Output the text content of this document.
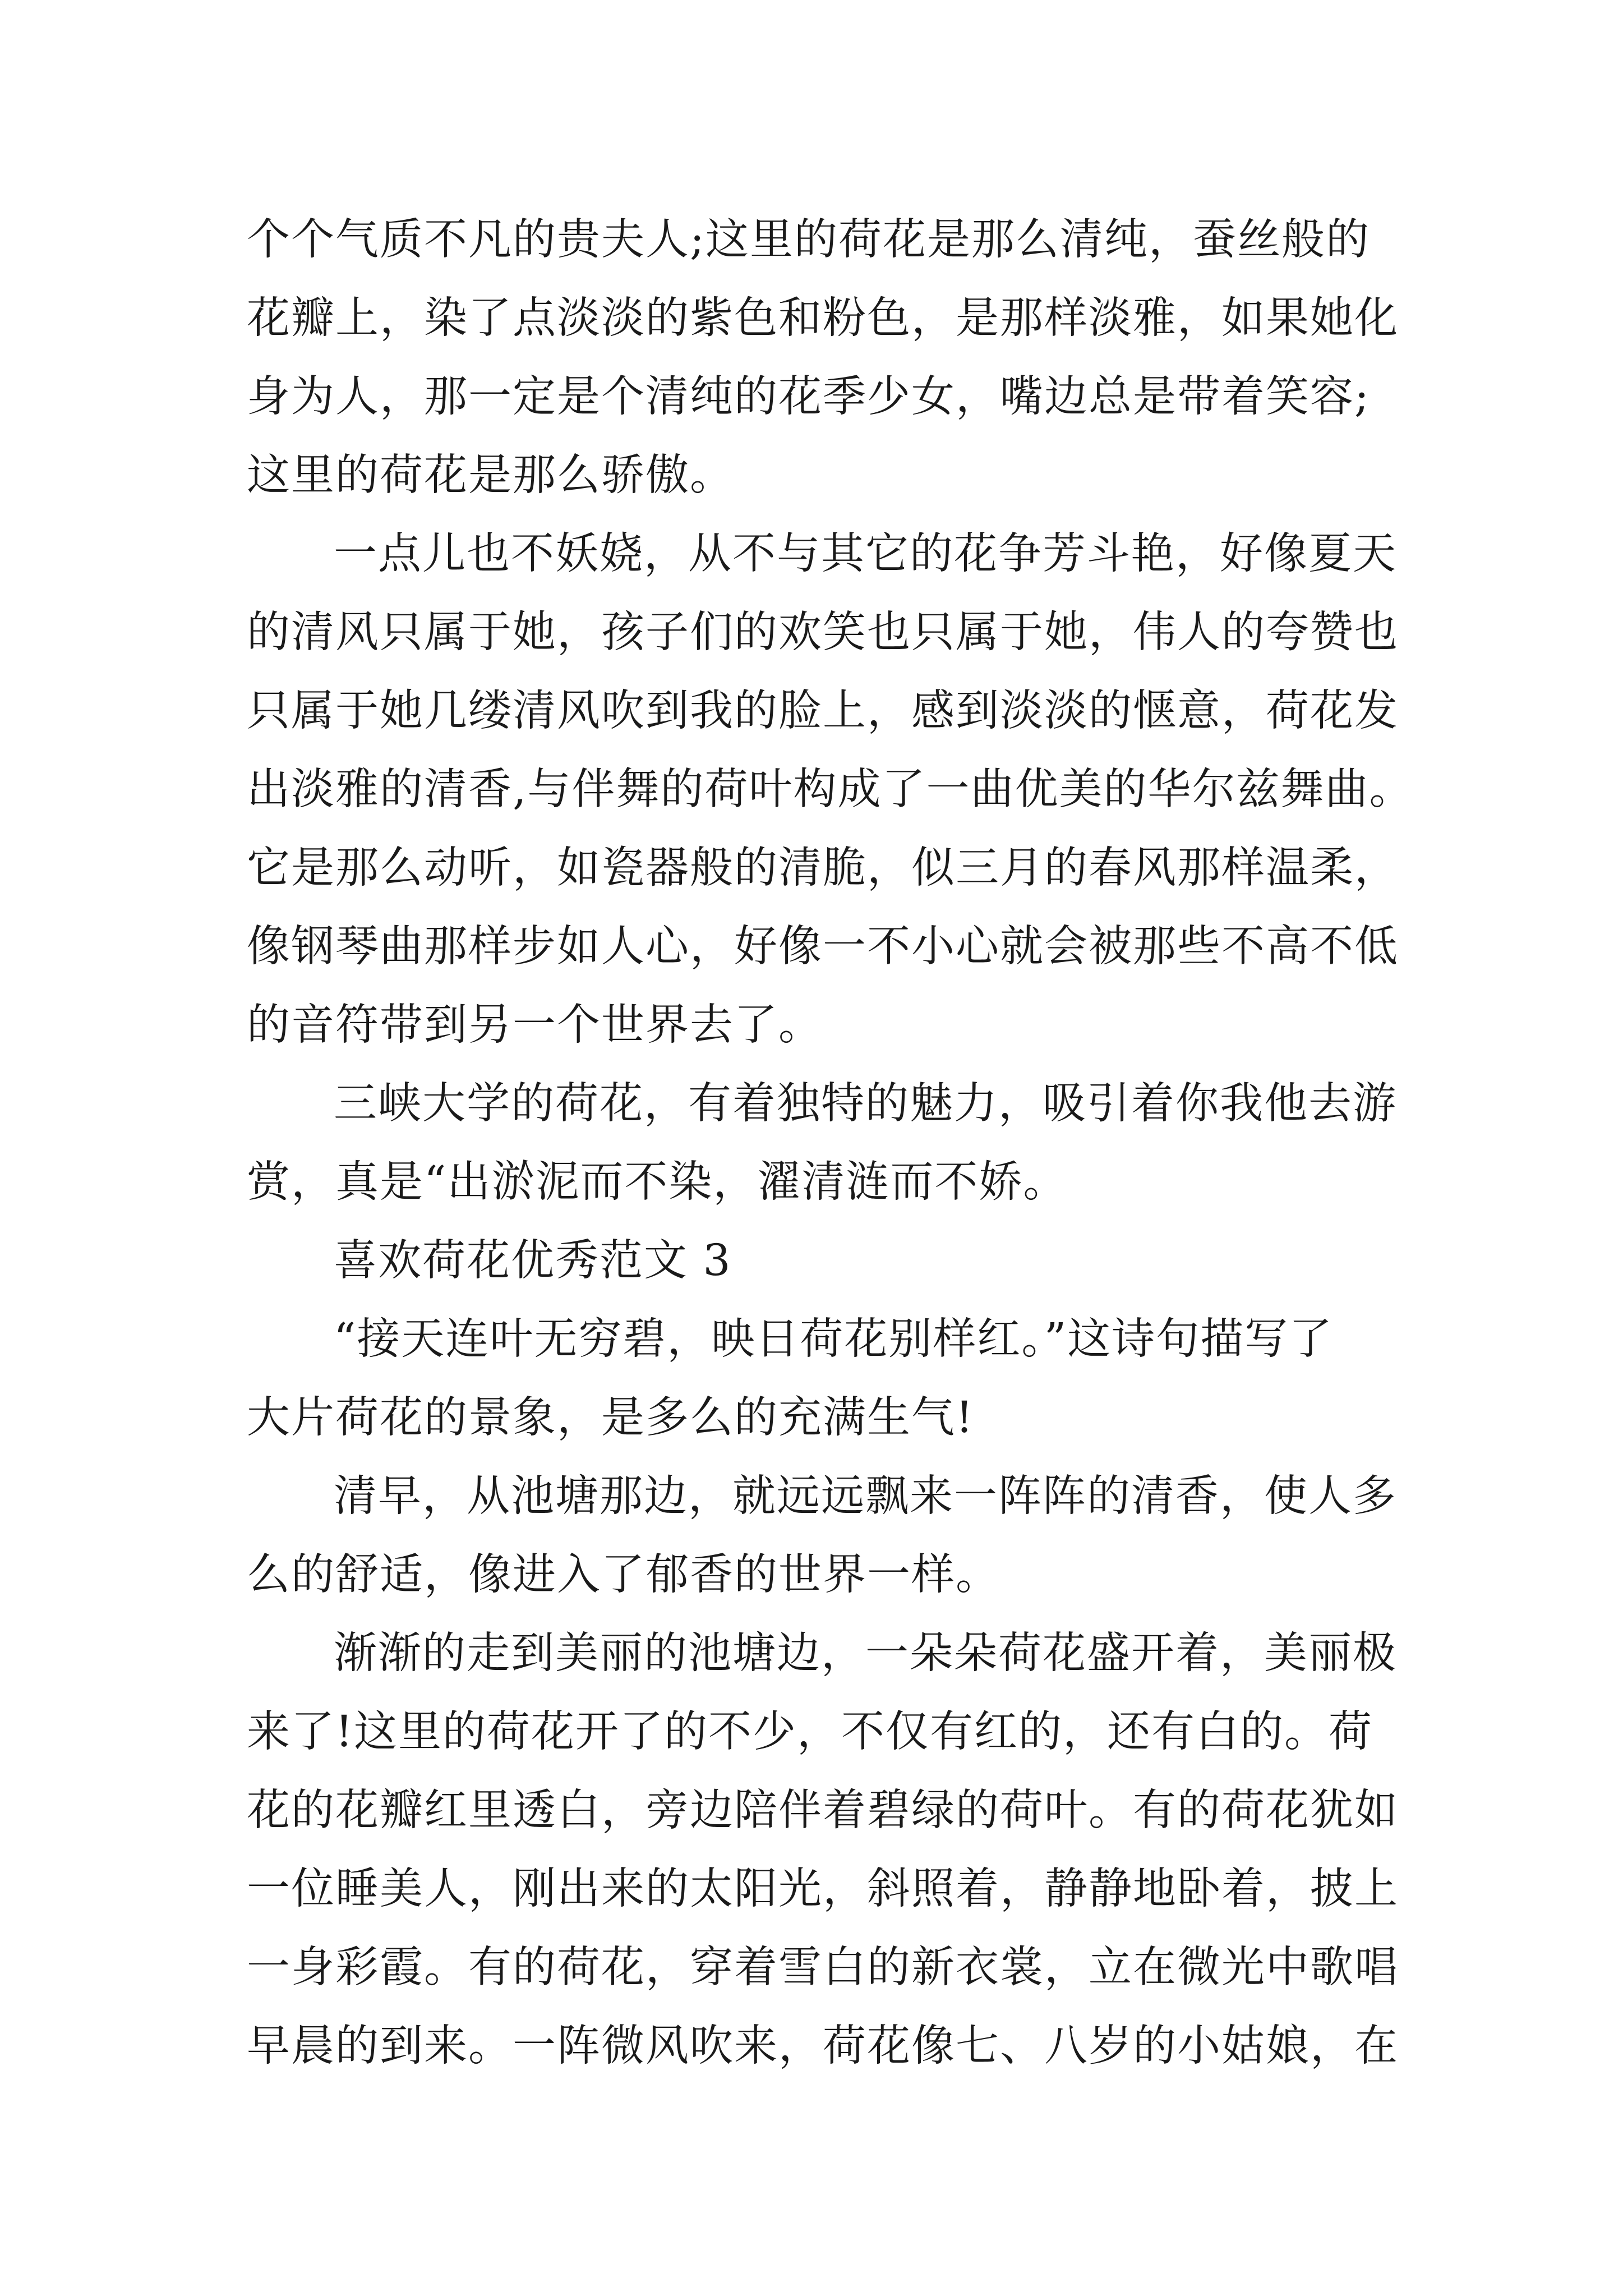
个个气质不凡的贵夫人;这里的荷花是那么清纯，蚕丝般的
花瓣上，染了点淡淡的紫色和粉色，是那样淡雅，如果她化
身为人，那一定是个清纯的花季少女，嘴边总是带着笑容;
这里的荷花是那么骄傲。
一点儿也不妖娆，从不与其它的花争芳斗艳，好像夏天
的清风只属于她，孩子们的欢笑也只属于她，伟人的夸赞也
只属于她几缕清风吹到我的脸上，感到淡淡的惬意，荷花发
出淡雅的清香,与伴舞的荷叶构成了一曲优美的华尔兹舞曲。
它是那么动听，如瓷器般的清脆，似三月的春风那样温柔，
像钢琴曲那样步如人心，好像一不小心就会被那些不高不低
的音符带到另一个世界去了。
三峡大学的荷花，有着独特的魅力，吸引着你我他去游
赏，真是“出淤泥而不染，濯清涟而不娇。
喜欢荷花优秀范文 3
“接天连叶无穷碧，映日荷花别样红。”这诗句描写了
大片荷花的景象，是多么的充满生气!
清早，从池塘那边，就远远飘来一阵阵的清香，使人多
么的舒适，像进入了郁香的世界一样。
渐渐的走到美丽的池塘边，一朵朵荷花盛开着，美丽极
来了!这里的荷花开了的不少，不仅有红的，还有白的。荷
花的花瓣红里透白，旁边陪伴着碧绿的荷叶。有的荷花犹如
一位睡美人，刚出来的太阳光，斜照着，静静地卧着，披上
一身彩霞。有的荷花，穿着雪白的新衣裳，立在微光中歌唱
早晨的到来。一阵微风吹来，荷花像七、八岁的小姑娘，在
